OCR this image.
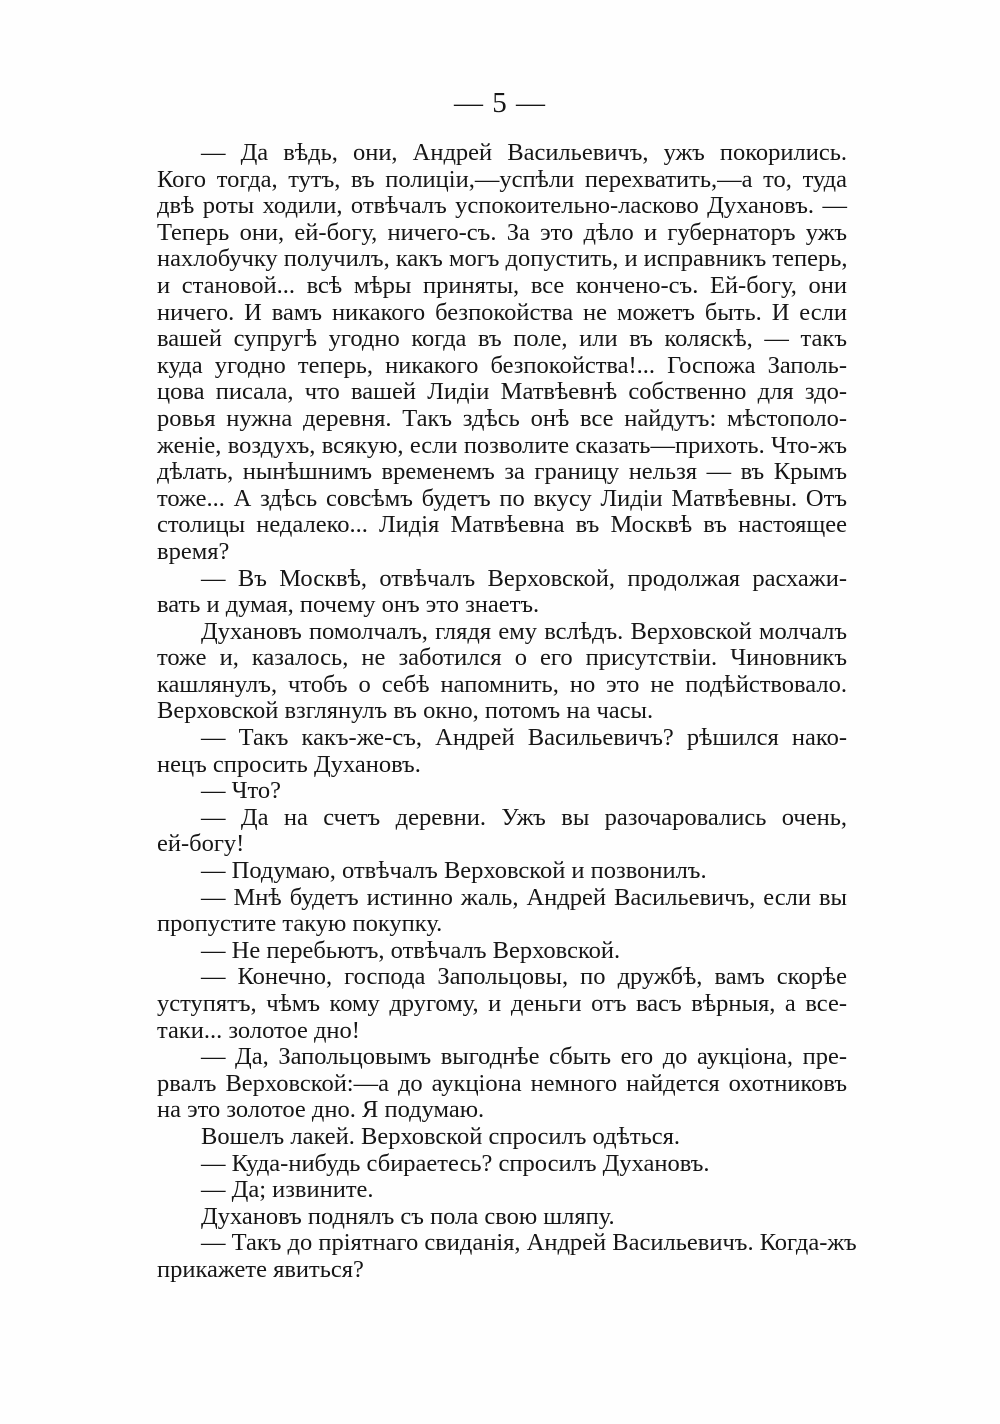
— 5 —
— Да вѣдь, они, Андрей Васильевичъ, ужъ покорились.
Кого тогда, тутъ, въ полиціи,—успѣли перехватить,—а то, туда
двѣ роты ходили, отвѣчалъ успокоительно-ласково Духановъ. —
Теперь они, ей-богу, ничего-съ. За это дѣло и губернаторъ ужъ
нахлобучку получилъ, какъ могъ допустить, и исправникъ теперь,
и становой... всѣ мѣры приняты, все кончено-съ. Ей-богу, они
ничего. И вамъ никакого безпокойства не можетъ быть. И если
вашей супругѣ угодно когда въ поле, или въ коляскѣ, — такъ
куда угодно теперь, никакого безпокойства!... Госпожа Заполь-
цова писала, что вашей Лидіи Матвѣевнѣ собственно для здо-
ровья нужна деревня. Такъ здѣсь онѣ все найдутъ: мѣстополо-
женіе, воздухъ, всякую, если позволите сказать—прихоть. Что-жъ
дѣлать, нынѣшнимъ временемъ за границу нельзя — въ Крымъ
тоже... А здѣсь совсѣмъ будетъ по вкусу Лидіи Матвѣевны. Отъ
столицы недалеко... Лидія Матвѣевна въ Москвѣ въ настоящее
время?
— Въ Москвѣ, отвѣчалъ Верховской, продолжая расхажи-
вать и думая, почему онъ это знаетъ.
Духановъ помолчалъ, глядя ему вслѣдъ. Верховской молчалъ
тоже и, казалось, не заботился о его присутствіи. Чиновникъ
кашлянулъ, чтобъ о себѣ напомнить, но это не подѣйствовало.
Верховской взглянулъ въ окно, потомъ на часы.
— Такъ какъ-же-съ, Андрей Васильевичъ? рѣшился нако-
нецъ спросить Духановъ.
— Что?
— Да на счетъ деревни. Ужъ вы разочаровались очень,
ей-богу!
— Подумаю, отвѣчалъ Верховской и позвонилъ.
— Мнѣ будетъ истинно жаль, Андрей Васильевичъ, если вы
пропустите такую покупку.
— Не перебьютъ, отвѣчалъ Верховской.
— Конечно, господа Запольцовы, по дружбѣ, вамъ скорѣе
уступятъ, чѣмъ кому другому, и деньги отъ васъ вѣрныя, а все-
таки... золотое дно!
— Да, Запольцовымъ выгоднѣе сбыть его до аукціона, пре-
рвалъ Верховской:—а до аукціона немного найдется охотниковъ
на это золотое дно. Я подумаю.
Вошелъ лакей. Верховской спросилъ одѣться.
— Куда-нибудь сбираетесь? спросилъ Духановъ.
— Да; извините.
Духановъ поднялъ съ пола свою шляпу.
— Такъ до пріятнаго свиданія, Андрей Васильевичъ. Когда-жъ
прикажете явиться?
